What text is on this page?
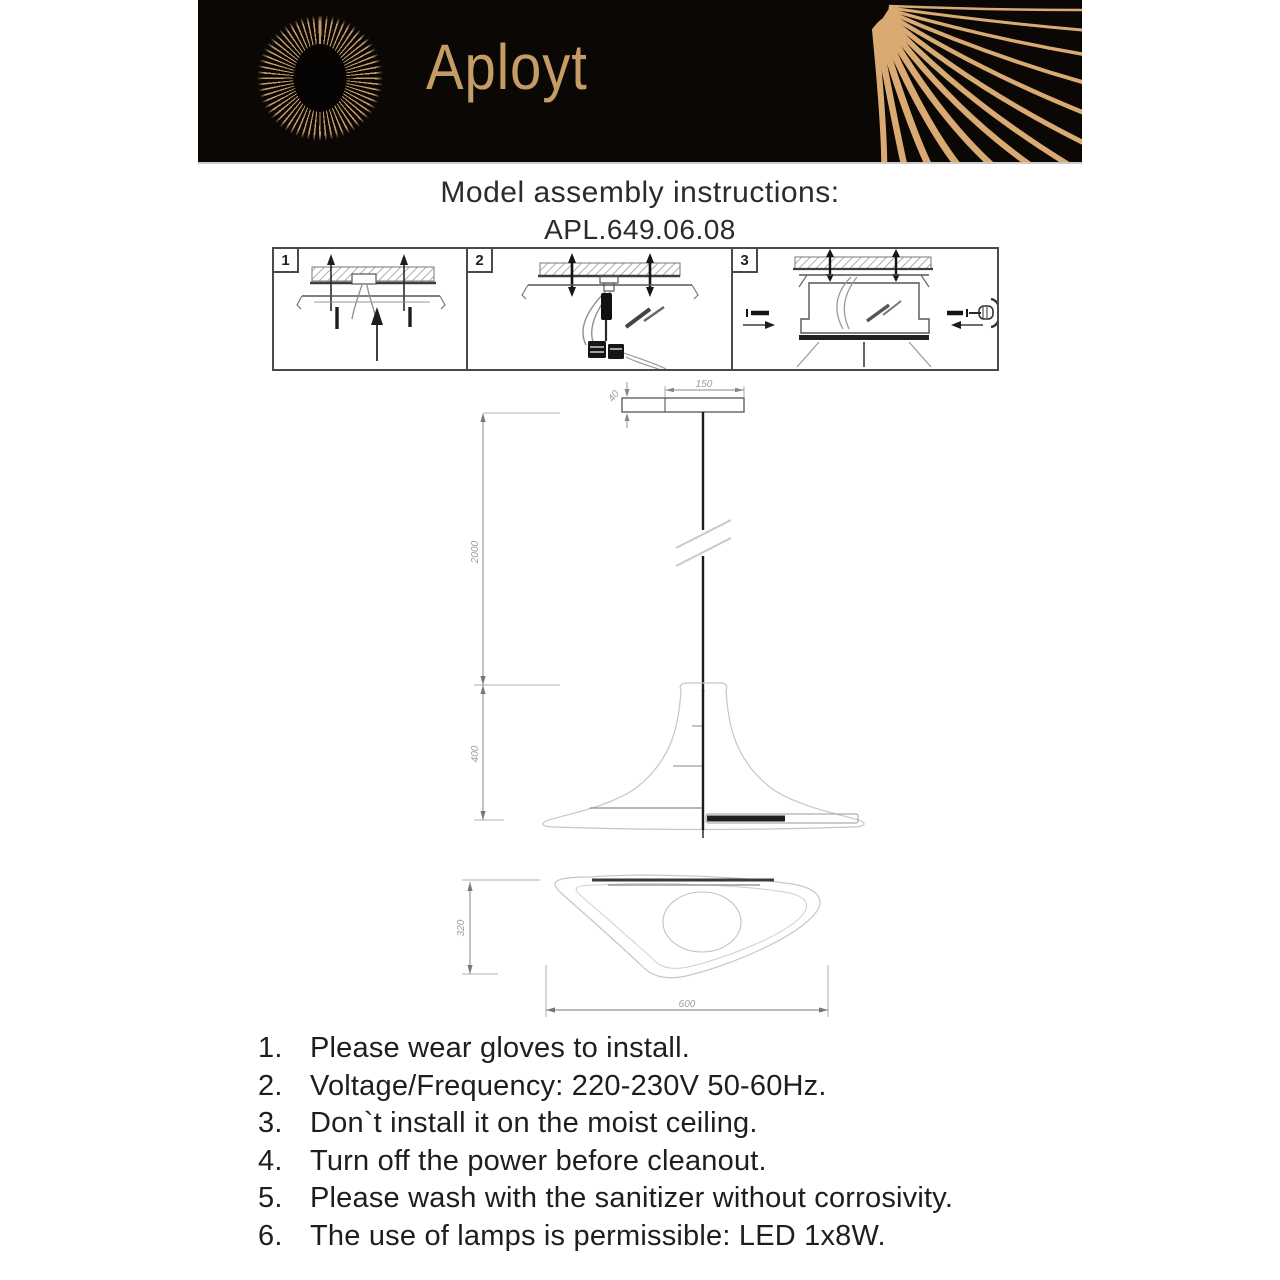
Aployt
Model assembly instructions:
APL.649.06.08
1	2	3
150
40
2000
400
320
600
1. Please wear gloves to install.
2. Voltage/Frequency: 220-230V 50-60Hz.
3. Don`t install it on the moist ceiling.
4. Turn off the power before cleanout.
5. Please wash with the sanitizer without corrosivity.
6. The use of lamps is permissible: LED 1x8W.
